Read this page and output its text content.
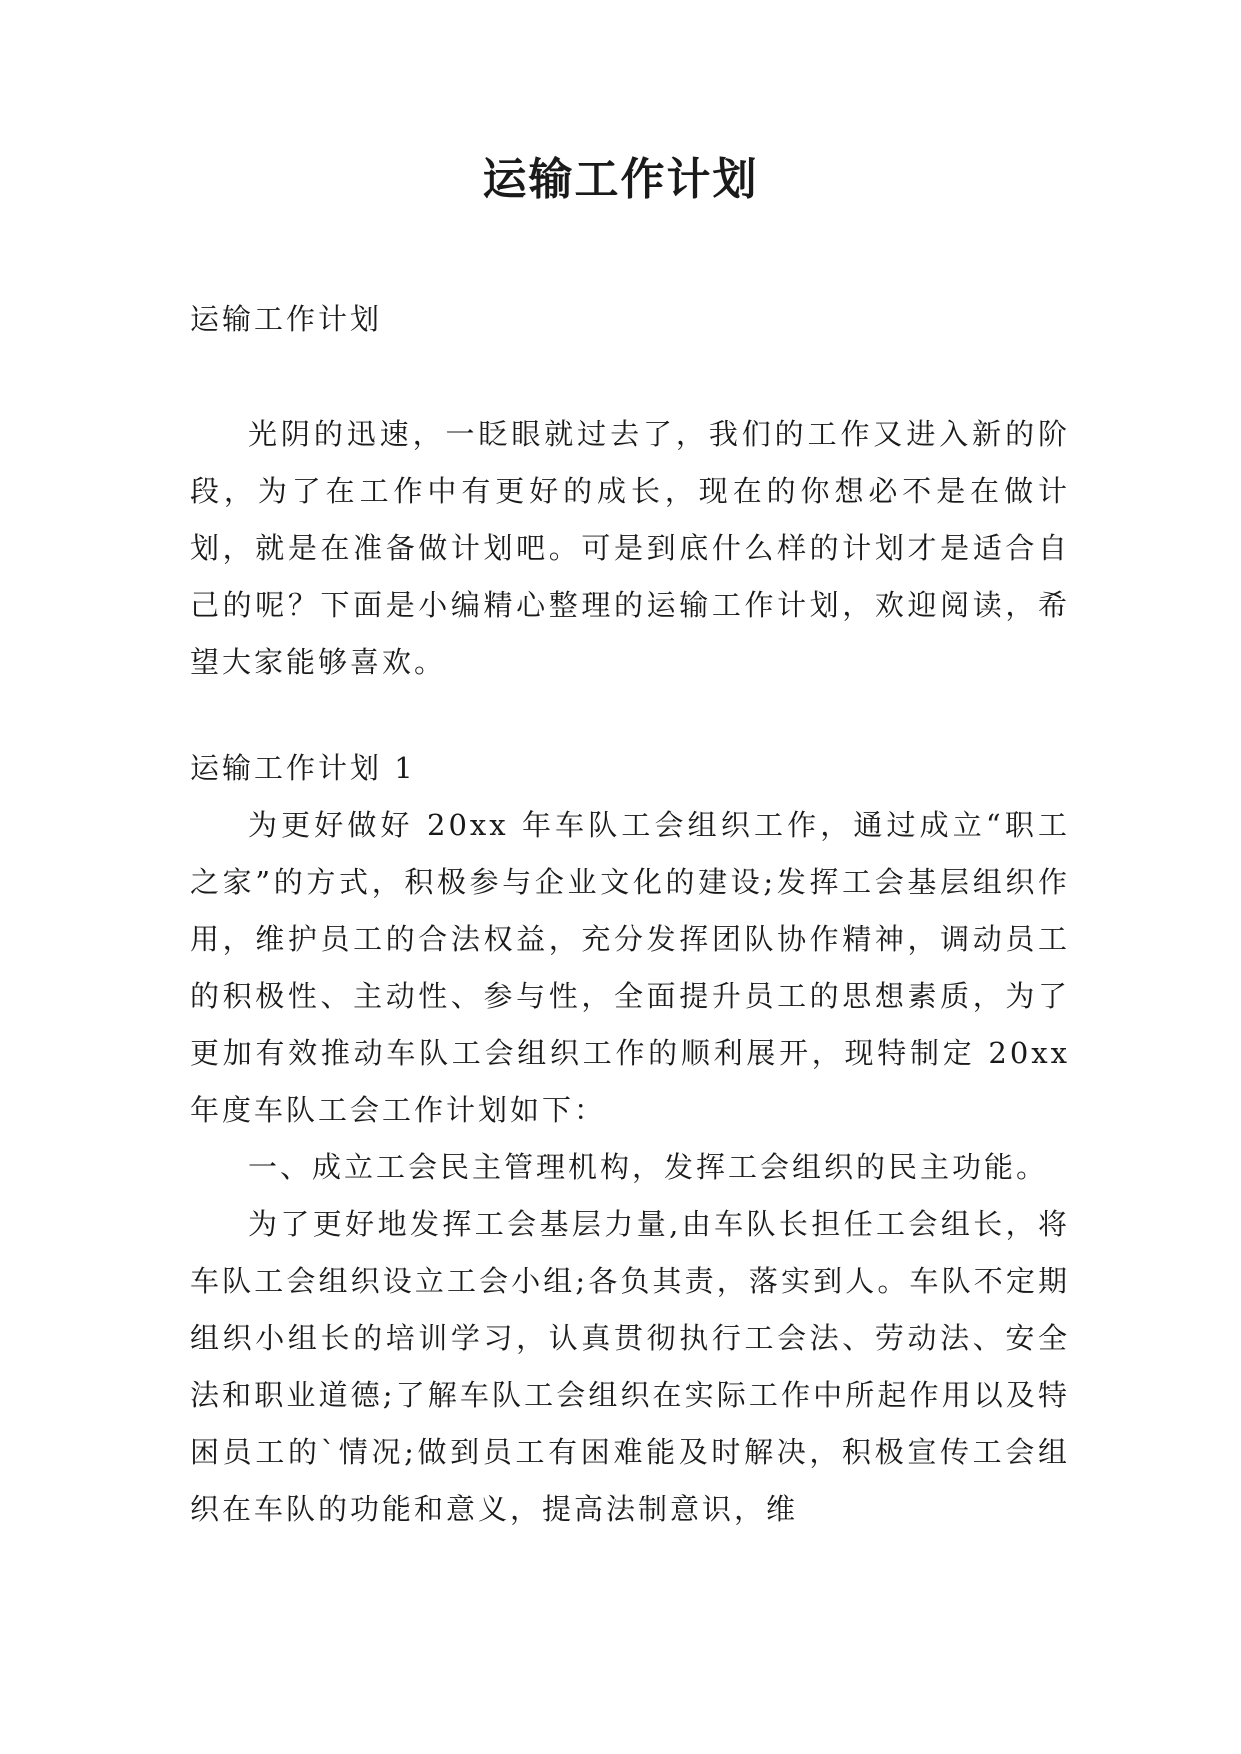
运输工作计划

运输工作计划

光阴的迅速，一眨眼就过去了，我们的工作又进入新的阶段，为了在工作中有更好的成长，现在的你想必不是在做计划，就是在准备做计划吧。可是到底什么样的计划才是适合自己的呢？下面是小编精心整理的运输工作计划，欢迎阅读，希望大家能够喜欢。

运输工作计划 1

为更好做好 20xx 年车队工会组织工作，通过成立“职工之家”的方式，积极参与企业文化的建设;发挥工会基层组织作用，维护员工的合法权益，充分发挥团队协作精神，调动员工的积极性、主动性、参与性，全面提升员工的思想素质，为了更加有效推动车队工会组织工作的顺利展开，现特制定 20xx 年度车队工会工作计划如下：

一、成立工会民主管理机构，发挥工会组织的民主功能。

为了更好地发挥工会基层力量,由车队长担任工会组长，将车队工会组织设立工会小组;各负其责，落实到人。车队不定期组织小组长的培训学习，认真贯彻执行工会法、劳动法、安全法和职业道德;了解车队工会组织在实际工作中所起作用以及特困员工的`情况;做到员工有困难能及时解决，积极宣传工会组织在车队的功能和意义，提高法制意识，维
